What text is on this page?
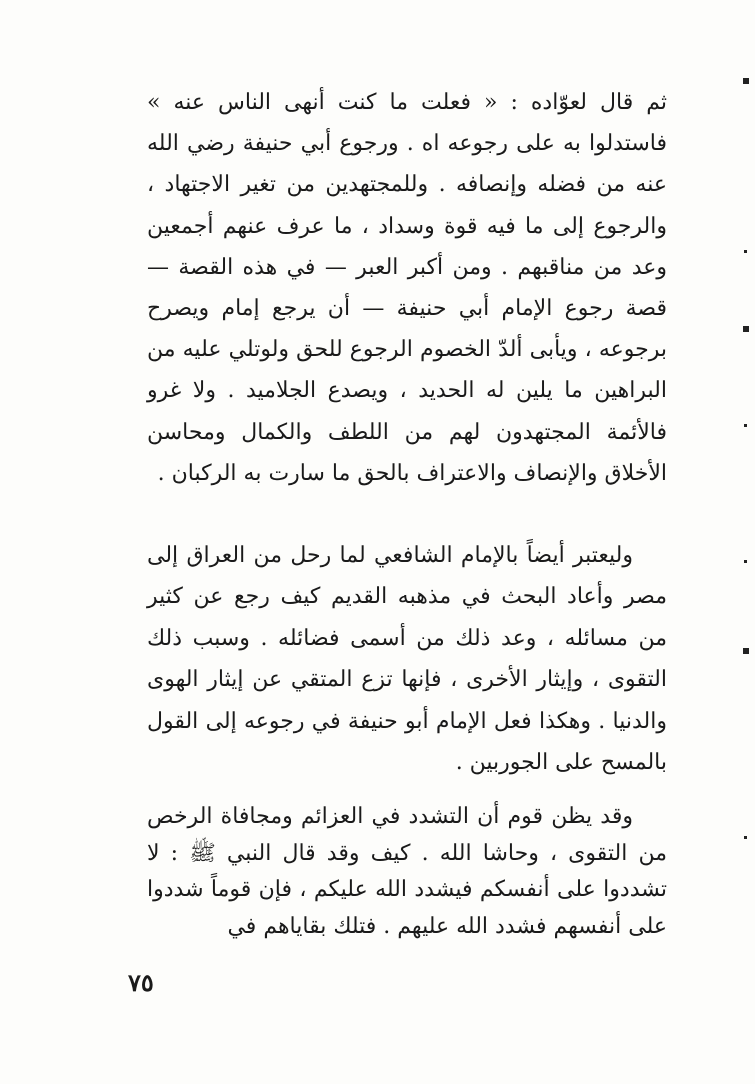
ثم قال لعوّاده : « فعلت ما كنت أنهى الناس عنه » فاستدلوا به على رجوعه اه . ورجوع أبي حنيفة رضي الله عنه من فضله وإنصافه . وللمجتهدين من تغير الاجتهاد ، والرجوع إلى ما فيه قوة وسداد ، ما عرف عنهم أجمعين وعد من مناقبهم . ومن أكبر العبر — في هذه القصة — قصة رجوع الإمام أبي حنيفة — أن يرجع إمام ويصرح برجوعه ، ويأبى ألدّ الخصوم الرجوع للحق ولوتلي عليه من البراهين ما يلين له الحديد ، ويصدع الجلاميد . ولا غرو فالأئمة المجتهدون لهم من اللطف والكمال ومحاسن الأخلاق والإنصاف والاعتراف بالحق ما سارت به الركبان .

وليعتبر أيضاً بالإمام الشافعي لما رحل من العراق إلى مصر وأعاد البحث في مذهبه القديم كيف رجع عن كثير من مسائله ، وعد ذلك من أسمى فضائله . وسبب ذلك التقوى ، وإيثار الأخرى ، فإنها تزع المتقي عن إيثار الهوى والدنيا . وهكذا فعل الإمام أبو حنيفة في رجوعه إلى القول بالمسح على الجوربين .

وقد يظن قوم أن التشدد في العزائم ومجافاة الرخص من التقوى ، وحاشا الله . كيف وقد قال النبي ﷺ : لا تشددوا على أنفسكم فيشدد الله عليكم ، فإن قوماً شددوا على أنفسهم فشدد الله عليهم . فتلك بقاياهم في

٧٥
